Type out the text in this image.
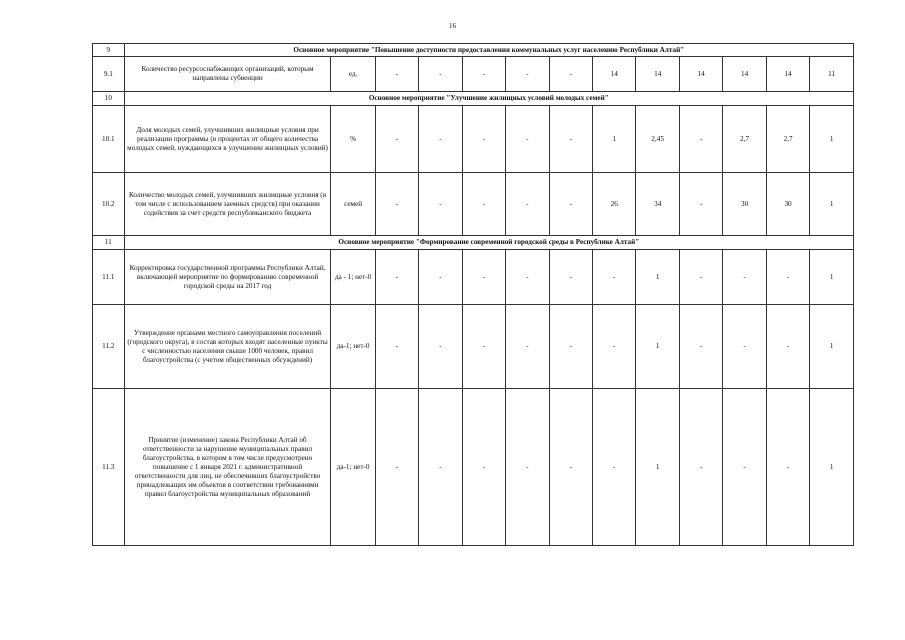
16
9	Основное мероприятие "Повышение доступности предоставления коммунальных услуг населению Республики Алтай"												
9.1	Количество ресурсоснабжающих организаций, которым направлены субвенции	ед.	-	-	-	-	-	14	14	14	14	14	11
10	Основное мероприятие "Улучшение жилищных условий молодых семей"												
10.1	Доля молодых семей, улучшивших жилищные условия при реализации программы (в процентах от общего количества молодых семей, нуждающихся в улучшении жилищных условий)	%	-	-	-	-	-	1	2,45	-	2,7	2,7	1
10.2	Количество молодых семей, улучшивших жилищные условия (в том числе с использованием заемных средств) при оказании содействия за счет средств республиканского бюджета	семей	-	-	-	-	-	26	34	-	30	30	1
11	Основное мероприятие "Формирование современной городской среды в Республике Алтай"												
11.1	Корректировка государственной программы Республики Алтай, включающей мероприятие по формированию современной городской среды на 2017 год	да - 1; нет-0	-	-	-	-	-	-	1	-	-	-	1
11.2	Утверждение органами местного самоуправления поселений (городского округа), в состав которых входят населенные пункты с численностью населения свыше 1000 человек, правил благоустройства (с учетом общественных обсуждений)	да-1; нет-0	-	-	-	-	-	-	1	-	-	-	1
11.3	Принятие (изменение) закона Республики Алтай об ответственности за нарушение муниципальных правил благоустройства, в котором в том числе предусмотрено повышение с 1 января 2021 г. административной ответственности для лиц, не обеспечивших благоустройство принадлежащих им объектов в соответствии требованиями правил благоустройства муниципальных образований	да-1; нет-0	-	-	-	-	-	-	1	-	-	-	1
